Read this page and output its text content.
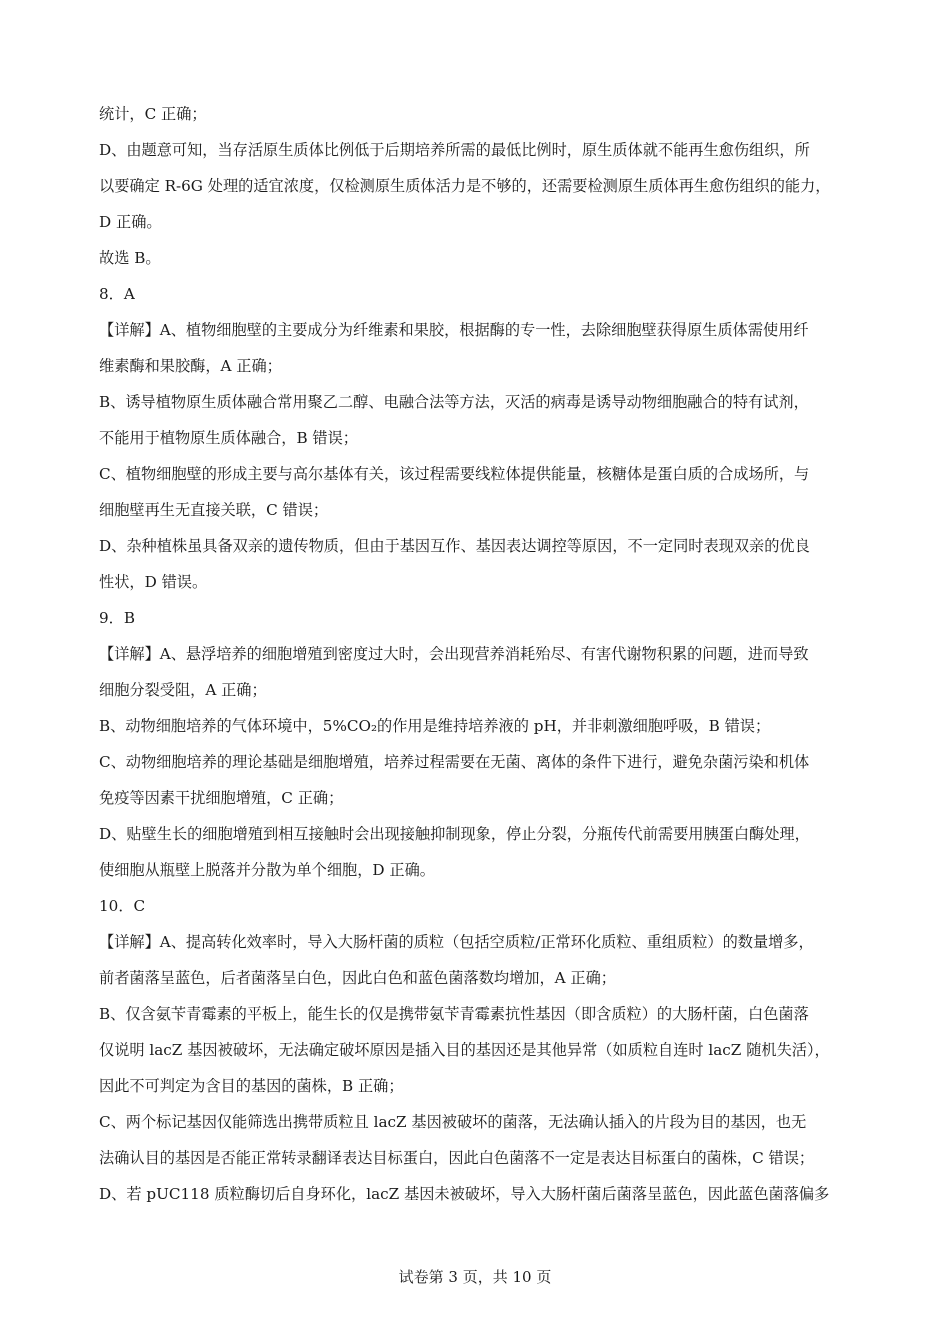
统计，C 正确；
D、由题意可知，当存活原生质体比例低于后期培养所需的最低比例时，原生质体就不能再生愈伤组织，所
以要确定 R-6G 处理的适宜浓度，仅检测原生质体活力是不够的，还需要检测原生质体再生愈伤组织的能力，
D 正确。
故选 B。
8．A
【详解】A、植物细胞壁的主要成分为纤维素和果胶，根据酶的专一性，去除细胞壁获得原生质体需使用纤
维素酶和果胶酶，A 正确；
B、诱导植物原生质体融合常用聚乙二醇、电融合法等方法，灭活的病毒是诱导动物细胞融合的特有试剂，
不能用于植物原生质体融合，B 错误；
C、植物细胞壁的形成主要与高尔基体有关，该过程需要线粒体提供能量，核糖体是蛋白质的合成场所，与
细胞壁再生无直接关联，C 错误；
D、杂种植株虽具备双亲的遗传物质，但由于基因互作、基因表达调控等原因，不一定同时表现双亲的优良
性状，D 错误。
9．B
【详解】A、悬浮培养的细胞增殖到密度过大时，会出现营养消耗殆尽、有害代谢物积累的问题，进而导致
细胞分裂受阻，A 正确；
B、动物细胞培养的气体环境中，5%CO₂的作用是维持培养液的 pH，并非刺激细胞呼吸，B 错误；
C、动物细胞培养的理论基础是细胞增殖，培养过程需要在无菌、离体的条件下进行，避免杂菌污染和机体
免疫等因素干扰细胞增殖，C 正确；
D、贴壁生长的细胞增殖到相互接触时会出现接触抑制现象，停止分裂，分瓶传代前需要用胰蛋白酶处理，
使细胞从瓶壁上脱落并分散为单个细胞，D 正确。
10．C
【详解】A、提高转化效率时，导入大肠杆菌的质粒（包括空质粒/正常环化质粒、重组质粒）的数量增多，
前者菌落呈蓝色，后者菌落呈白色，因此白色和蓝色菌落数均增加，A 正确；
B、仅含氨苄青霉素的平板上，能生长的仅是携带氨苄青霉素抗性基因（即含质粒）的大肠杆菌，白色菌落
仅说明 lacZ 基因被破坏，无法确定破坏原因是插入目的基因还是其他异常（如质粒自连时 lacZ 随机失活），
因此不可判定为含目的基因的菌株，B 正确；
C、两个标记基因仅能筛选出携带质粒且 lacZ 基因被破坏的菌落，无法确认插入的片段为目的基因，也无
法确认目的基因是否能正常转录翻译表达目标蛋白，因此白色菌落不一定是表达目标蛋白的菌株，C 错误；
D、若 pUC118 质粒酶切后自身环化，lacZ 基因未被破坏，导入大肠杆菌后菌落呈蓝色，因此蓝色菌落偏多
试卷第 3 页，共 10 页
